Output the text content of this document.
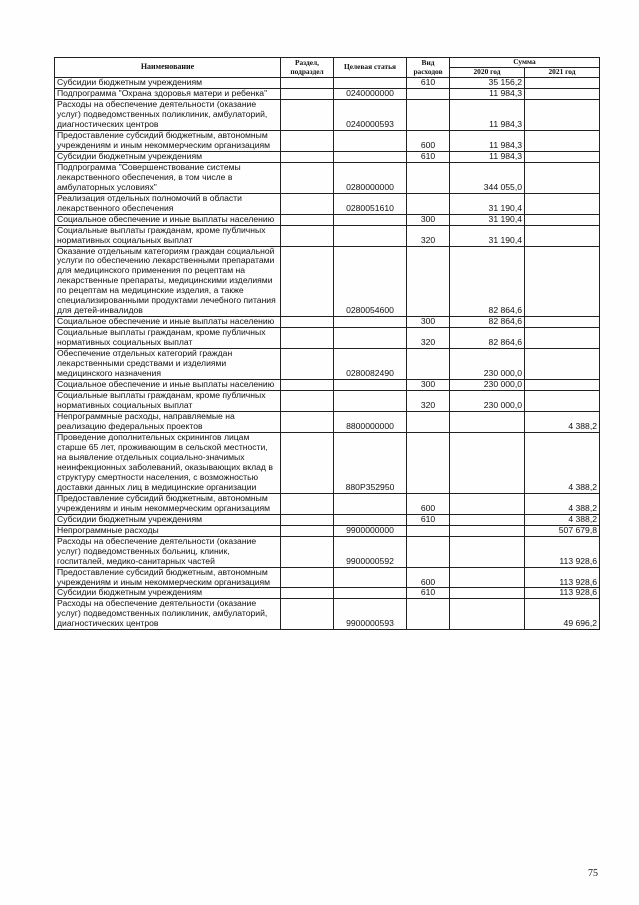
Наименование	Раздел, подраздел	Целевая статья	Вид расходов	Сумма	
				2020 год	2021 год
Субсидии бюджетным учреждениям			610	35 156,2	
Подпрограмма "Охрана здоровья матери и ребенка"		0240000000		11 984,3	
Расходы на обеспечение деятельности (оказание услуг) подведомственных поликлиник, амбулаторий, диагностических центров		0240000593		11 984,3	
Предоставление субсидий бюджетным, автономным учреждениям и иным некоммерческим организациям			600	11 984,3	
Субсидии бюджетным учреждениям			610	11 984,3	
Подпрограмма "Совершенствование системы лекарственного обеспечения, в том числе в амбулаторных условиях"		0280000000		344 055,0	
Реализация отдельных полномочий в области лекарственного обеспечения		0280051610		31 190,4	
Социальное обеспечение и иные выплаты населению			300	31 190,4	
Социальные выплаты гражданам, кроме публичных нормативных социальных выплат			320	31 190,4	
Оказание отдельным категориям граждан социальной услуги по обеспечению лекарственными препаратами для медицинского применения по рецептам на лекарственные препараты, медицинскими изделиями по рецептам на медицинские изделия, а также специализированными продуктами лечебного питания для детей-инвалидов		0280054600		82 864,6	
Социальное обеспечение и иные выплаты населению			300	82 864,6	
Социальные выплаты гражданам, кроме публичных нормативных социальных выплат			320	82 864,6	
Обеспечение отдельных категорий граждан лекарственными средствами и изделиями медицинского назначения		0280082490		230 000,0	
Социальное обеспечение и иные выплаты населению			300	230 000,0	
Социальные выплаты гражданам, кроме публичных нормативных социальных выплат			320	230 000,0	
Непрограммные расходы, направляемые на реализацию федеральных проектов		8800000000			4 388,2
Проведение дополнительных скринингов лицам старше 65 лет, проживающим в сельской местности, на выявление отдельных социально-значимых неинфекционных заболеваний, оказывающих вклад в структуру смертности населения, с возможностью доставки данных лиц в медицинские организации		880P352950			4 388,2
Предоставление субсидий бюджетным, автономным учреждениям и иным некоммерческим организациям			600		4 388,2
Субсидии бюджетным учреждениям			610		4 388,2
Непрограммные расходы		9900000000			507 679,8
Расходы на обеспечение деятельности (оказание услуг) подведомственных больниц, клиник, госпиталей, медико-санитарных частей		9900000592			113 928,6
Предоставление субсидий бюджетным, автономным учреждениям и иным некоммерческим организациям			600		113 928,6
Субсидии бюджетным учреждениям			610		113 928,6
Расходы на обеспечение деятельности (оказание услуг) подведомственных поликлиник, амбулаторий, диагностических центров		9900000593			49 696,2
75
